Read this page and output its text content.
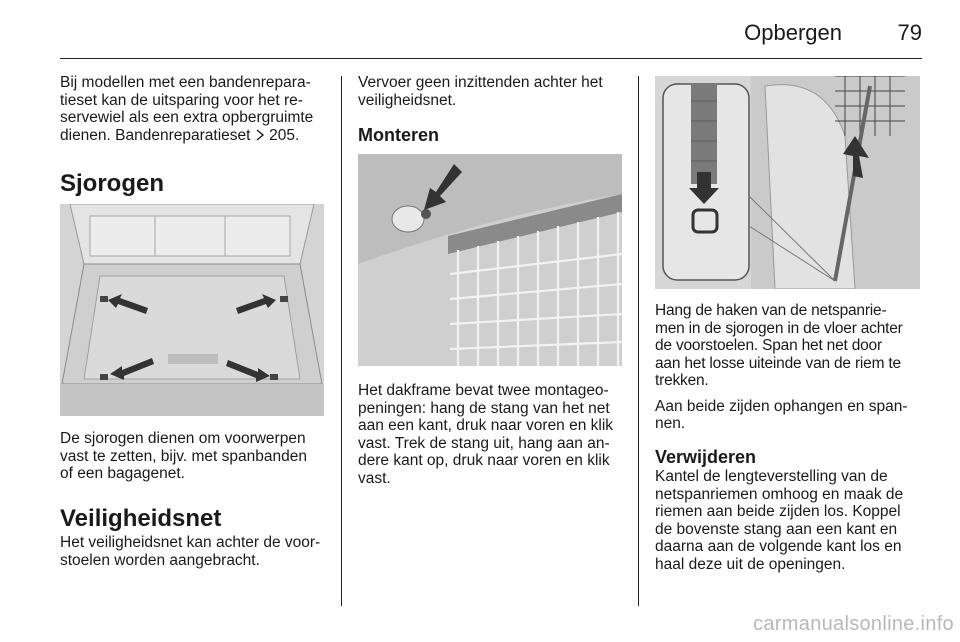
Opbergen	79

Bij modellen met een bandenrepara-
tieset kan de uitsparing voor het re-
servewiel als een extra opbergruimte
dienen. Bandenreparatieset 205.

Sjorogen

De sjorogen dienen om voorwerpen
vast te zetten, bijv. met spanbanden
of een bagagenet.

Veiligheidsnet

Het veiligheidsnet kan achter de voor-
stoelen worden aangebracht.

Vervoer geen inzittenden achter het
veiligheidsnet.

Monteren

Het dakframe bevat twee montageo-
peningen: hang de stang van het net
aan een kant, druk naar voren en klik
vast. Trek de stang uit, hang aan an-
dere kant op, druk naar voren en klik
vast.

Hang de haken van de netspanrie-
men in de sjorogen in de vloer achter
de voorstoelen. Span het net door
aan het losse uiteinde van de riem te
trekken.

Aan beide zijden ophangen en span-
nen.

Verwijderen

Kantel de lengteverstelling van de
netspanriemen omhoog en maak de
riemen aan beide zijden los. Koppel
de bovenste stang aan een kant en
daarna aan de volgende kant los en
haal deze uit de openingen.

carmanualsonline.info
